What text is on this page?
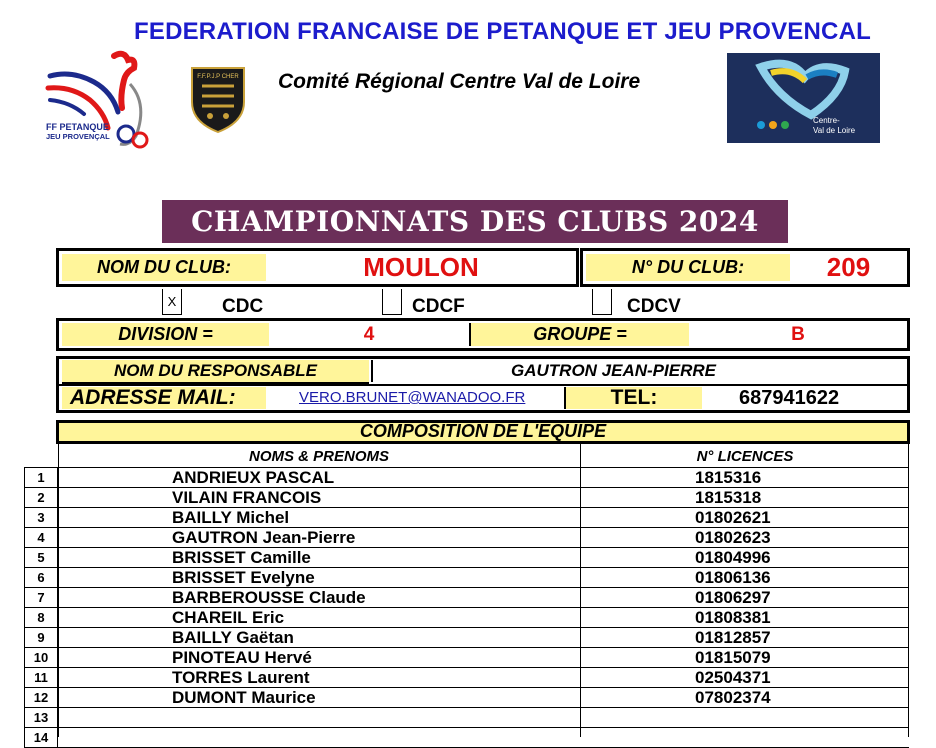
FEDERATION FRANCAISE DE PETANQUE ET JEU PROVENCAL
FF PETANQUE
JEU PROVENÇAL
F.F.P.J.P CHER Comité Régional Centre Val de Loire
Centre-
Val de Loire
CHAMPIONNATS DES CLUBS 2024
NOM DU CLUB:	MOULON	N° DU CLUB:	209
X CDC	CDCF	CDCV
DIVISION =	4	GROUPE =	B
NOM DU RESPONSABLE	GAUTRON JEAN-PIERRE
ADRESSE MAIL:	VERO.BRUNET@WANADOO.FR	TEL:	687941622
COMPOSITION DE L'EQUIPE
NOMS & PRENOMS	N° LICENCES
1	ANDRIEUX PASCAL	1815316
2	VILAIN FRANCOIS	1815318
3	BAILLY Michel	01802621
4	GAUTRON Jean-Pierre	01802623
5	BRISSET Camille	01804996
6	BRISSET Evelyne	01806136
7	BARBEROUSSE Claude	01806297
8	CHAREIL Eric	01808381
9	BAILLY Gaëtan	01812857
10	PINOTEAU Hervé	01815079
11	TORRES Laurent	02504371
12	DUMONT Maurice	07802374
13
14
